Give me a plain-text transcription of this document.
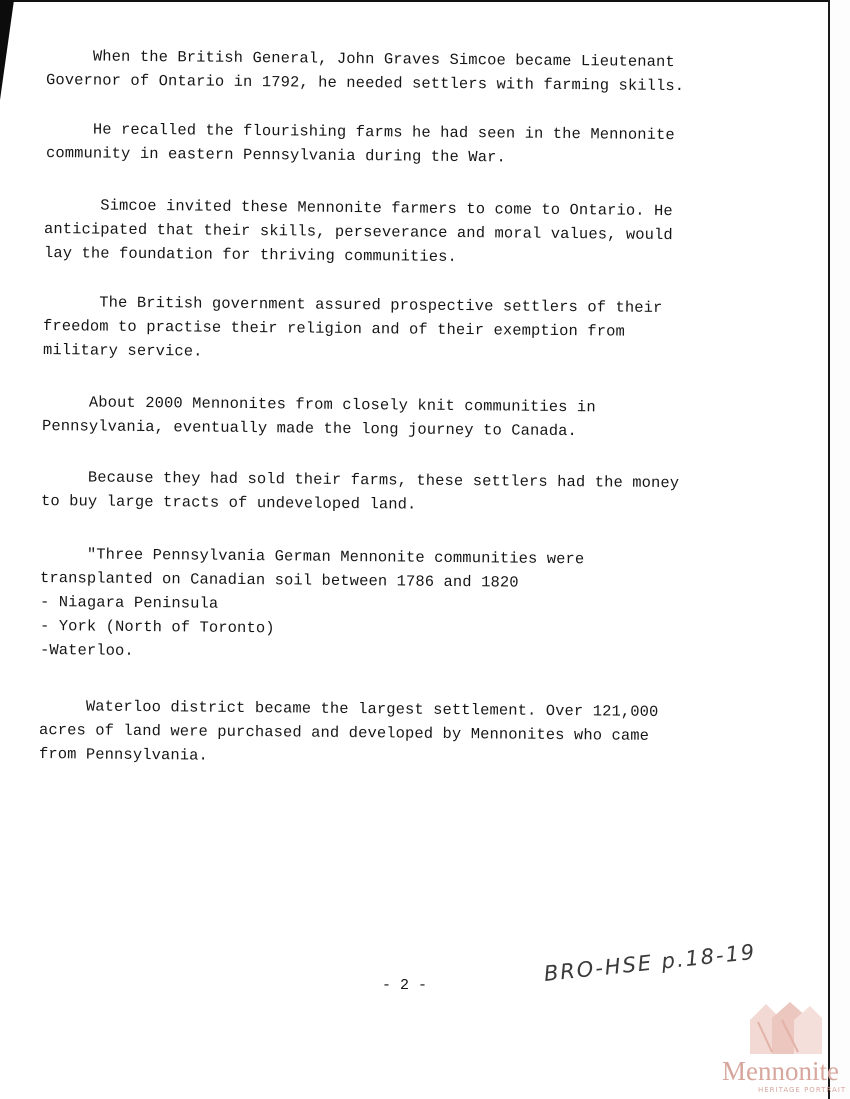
When the British General, John Graves Simcoe became Lieutenant

Governor of Ontario in 1792, he needed settlers with farming skills.

He recalled the flourishing farms he had seen in the Mennonite

community in eastern Pennsylvania during the War.

Simcoe invited these Mennonite farmers to come to Ontario. He

anticipated that their skills, perseverance and moral values, would

lay the foundation for thriving communities.

The British government assured prospective settlers of their

freedom to practise their religion and of their exemption from

military service.

About 2000 Mennonites from closely knit communities in

Pennsylvania, eventually made the long journey to Canada.

Because they had sold their farms, these settlers had the money

to buy large tracts of undeveloped land.

"Three Pennsylvania German Mennonite communities were

transplanted on Canadian soil between 1786 and 1820

- Niagara Peninsula

- York (North of Toronto)

-Waterloo.

Waterloo district became the largest settlement. Over 121,000

acres of land were purchased and developed by Mennonites who came

from Pennsylvania.

- 2 -	BRO-HSE p.18-19
Mennonite
HERITAGE PORTRAIT
